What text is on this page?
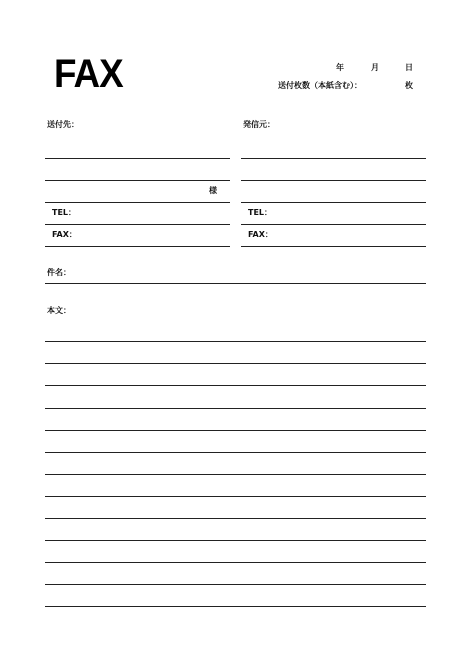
FAX	年	月	日
送付枚数（本紙含む）：	枚
送付先：
様
TEL：
FAX：
発信元：
TEL：
FAX：
件名：
本文：
